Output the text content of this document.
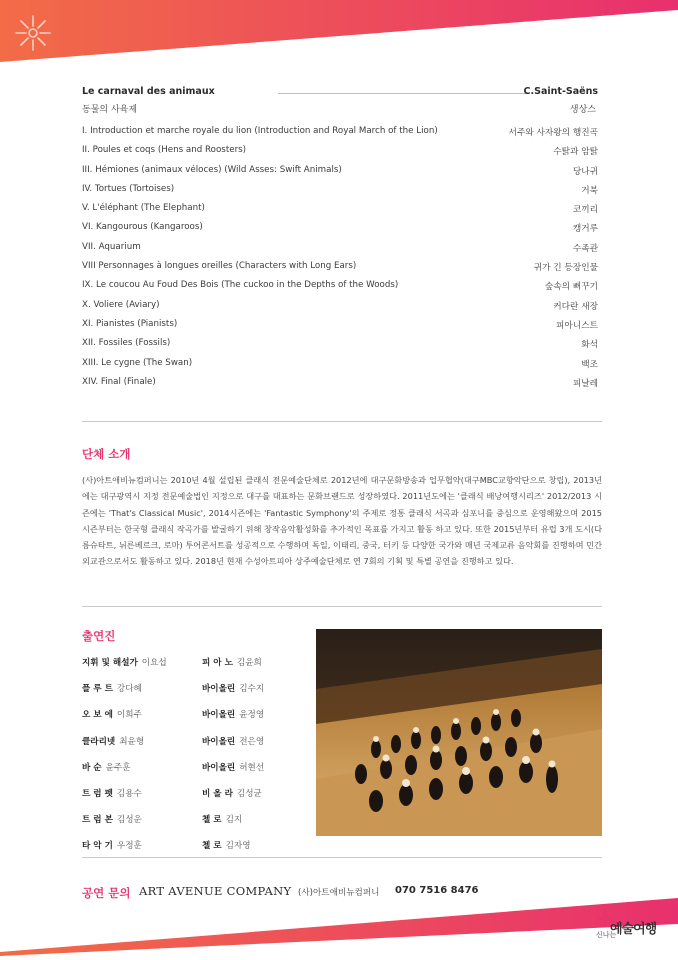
Le carnaval des animaux	C.Saint-Saëns
동물의 사육제	생상스
I. Introduction et marche royale du lion (Introduction and Royal March of the Lion)	서주와 사자왕의 행진곡
II. Poules et coqs (Hens and Roosters)	수탉과 암탉
III. Hémiones (animaux véloces) (Wild Asses: Swift Animals)	당나귀
IV. Tortues (Tortoises)	거북
V. L'éléphant (The Elephant)	코끼리
VI. Kangourous (Kangaroos)	캥거루
VII. Aquarium	수족관
VIII Personnages à longues oreilles (Characters with Long Ears)	귀가 긴 등장인물
IX. Le coucou Au Foud Des Bois (The cuckoo in the Depths of the Woods)	숲속의 뻐꾸기
X. Voliere (Aviary)	커다란 새장
XI. Pianistes (Pianists)	피아니스트
XII. Fossiles (Fossils)	화석
XIII. Le cygne (The Swan)	백조
XIV. Final (Finale)	피날레
단체 소개

(사)아트애비뉴컴퍼니는 2010년 4월 설립된 클래식 전문예술단체로 2012년에 대구문화방송과 업무협약(대구MBC교향악단으로 창립), 2013년에는 대구광역시 지정 전문예술법인 지정으로 대구를 대표하는 문화브랜드로 성장하였다. 2011년도에는 '클래식 배낭여행시리즈' 2012/2013 시즌에는 'That's Classical Music', 2014시즌에는 'Fantastic Symphony'의 주제로 정통 클래식 서곡과 심포니를 중심으로 운영해왔으며 2015시즌부터는 한국형 클래식 작곡가를 발굴하기 위해 창작음악활성화를 추가적인 목표를 가지고 활동 하고 있다. 또한 2015년부터 유럽 3개 도시(다름슈타트, 뉘른베르크, 로마) 투어콘서트를 성공적으로 수행하며 독일, 이태리, 중국, 터키 등 다양한 국가와 매년 국제교류 음악회를 진행하며 민간외교관으로서도 활동하고 있다. 2018년 현재 수성아트피아 상주예술단체로 연 7회의 기획 및 특별 공연을 진행하고 있다.

출연진
지휘 및 해설가 이요섭
플 루 트 강다혜
오 보 에 이희주
클라리넷 최윤형
바 순 윤주훈
트 럼 펫 김용수
트 럼 본 김성운
타 악 기 우정훈
피 아 노 김윤희
바이올린 김수지
바이올린 윤정영
바이올린 전은영
바이올린 허현선
비 올 라 김성균
첼 로 김지
첼 로 김자영
공연 문의 ART AVENUE COMPANY (사)아트애비뉴컴퍼니 070 7516 8476
신나는
예술여행
